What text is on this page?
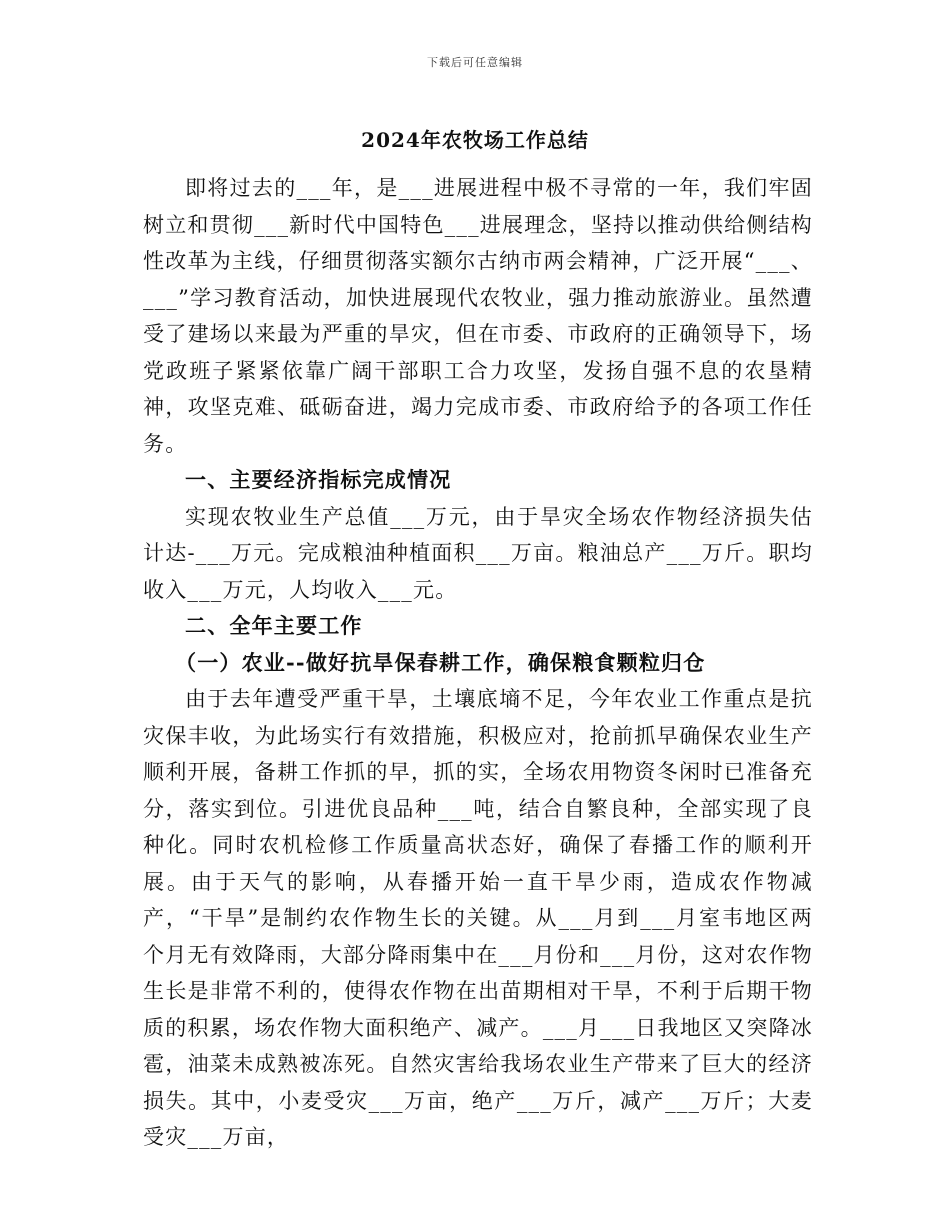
下载后可任意编辑
2024年农牧场工作总结

即将过去的___年，是___进展进程中极不寻常的一年，我们牢固树立和贯彻___新时代中国特色___进展理念，坚持以推动供给侧结构性改革为主线，仔细贯彻落实额尔古纳市两会精神，广泛开展“___、___”学习教育活动，加快进展现代农牧业，强力推动旅游业。虽然遭受了建场以来最为严重的旱灾，但在市委、市政府的正确领导下，场党政班子紧紧依靠广阔干部职工合力攻坚，发扬自强不息的农垦精神，攻坚克难、砥砺奋进，竭力完成市委、市政府给予的各项工作任务。

一、主要经济指标完成情况

实现农牧业生产总值___万元，由于旱灾全场农作物经济损失估计达-___万元。完成粮油种植面积___万亩。粮油总产___万斤。职均收入___万元，人均收入___元。

二、全年主要工作

（一）农业--做好抗旱保春耕工作，确保粮食颗粒归仓

由于去年遭受严重干旱，土壤底墒不足，今年农业工作重点是抗灾保丰收，为此场实行有效措施，积极应对，抢前抓早确保农业生产顺利开展，备耕工作抓的早，抓的实，全场农用物资冬闲时已准备充分，落实到位。引进优良品种___吨，结合自繁良种，全部实现了良种化。同时农机检修工作质量高状态好，确保了春播工作的顺利开展。由于天气的影响，从春播开始一直干旱少雨，造成农作物减产，“干旱”是制约农作物生长的关键。从___月到___月室韦地区两个月无有效降雨，大部分降雨集中在___月份和___月份，这对农作物生长是非常不利的，使得农作物在出苗期相对干旱，不利于后期干物质的积累，场农作物大面积绝产、减产。___月___日我地区又突降冰雹，油菜未成熟被冻死。自然灾害给我场农业生产带来了巨大的经济损失。其中，小麦受灾___万亩，绝产___万斤，减产___万斤；大麦受灾___万亩，
